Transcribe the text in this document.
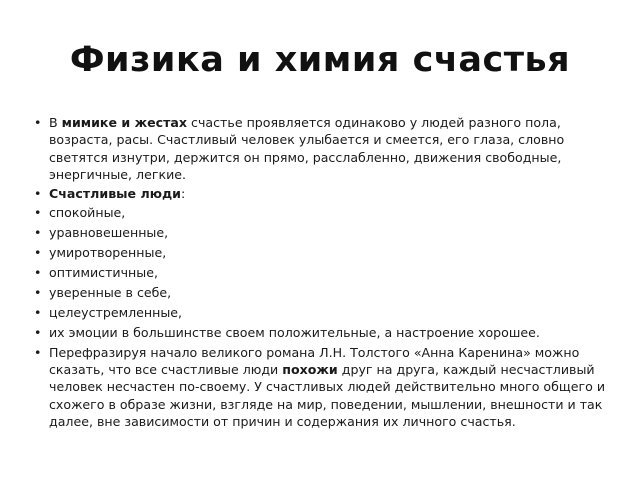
Физика и химия счастья
• В мимике и жестах счастье проявляется одинаково у людей разного пола, возраста, расы. Счастливый человек улыбается и смеется, его глаза, словно светятся изнутри, держится он прямо, расслабленно, движения свободные, энергичные, легкие.
• Счастливые люди:
• спокойные,
• уравновешенные,
• умиротворенные,
• оптимистичные,
• уверенные в себе,
• целеустремленные,
• их эмоции в большинстве своем положительные, а настроение хорошее.
• Перефразируя начало великого романа Л.Н. Толстого «Анна Каренина» можно сказать, что все счастливые люди похожи друг на друга, каждый несчастливый человек несчастен по-своему. У счастливых людей действительно много общего и схожего в образе жизни, взгляде на мир, поведении, мышлении, внешности и так далее, вне зависимости от причин и содержания их личного счастья.
